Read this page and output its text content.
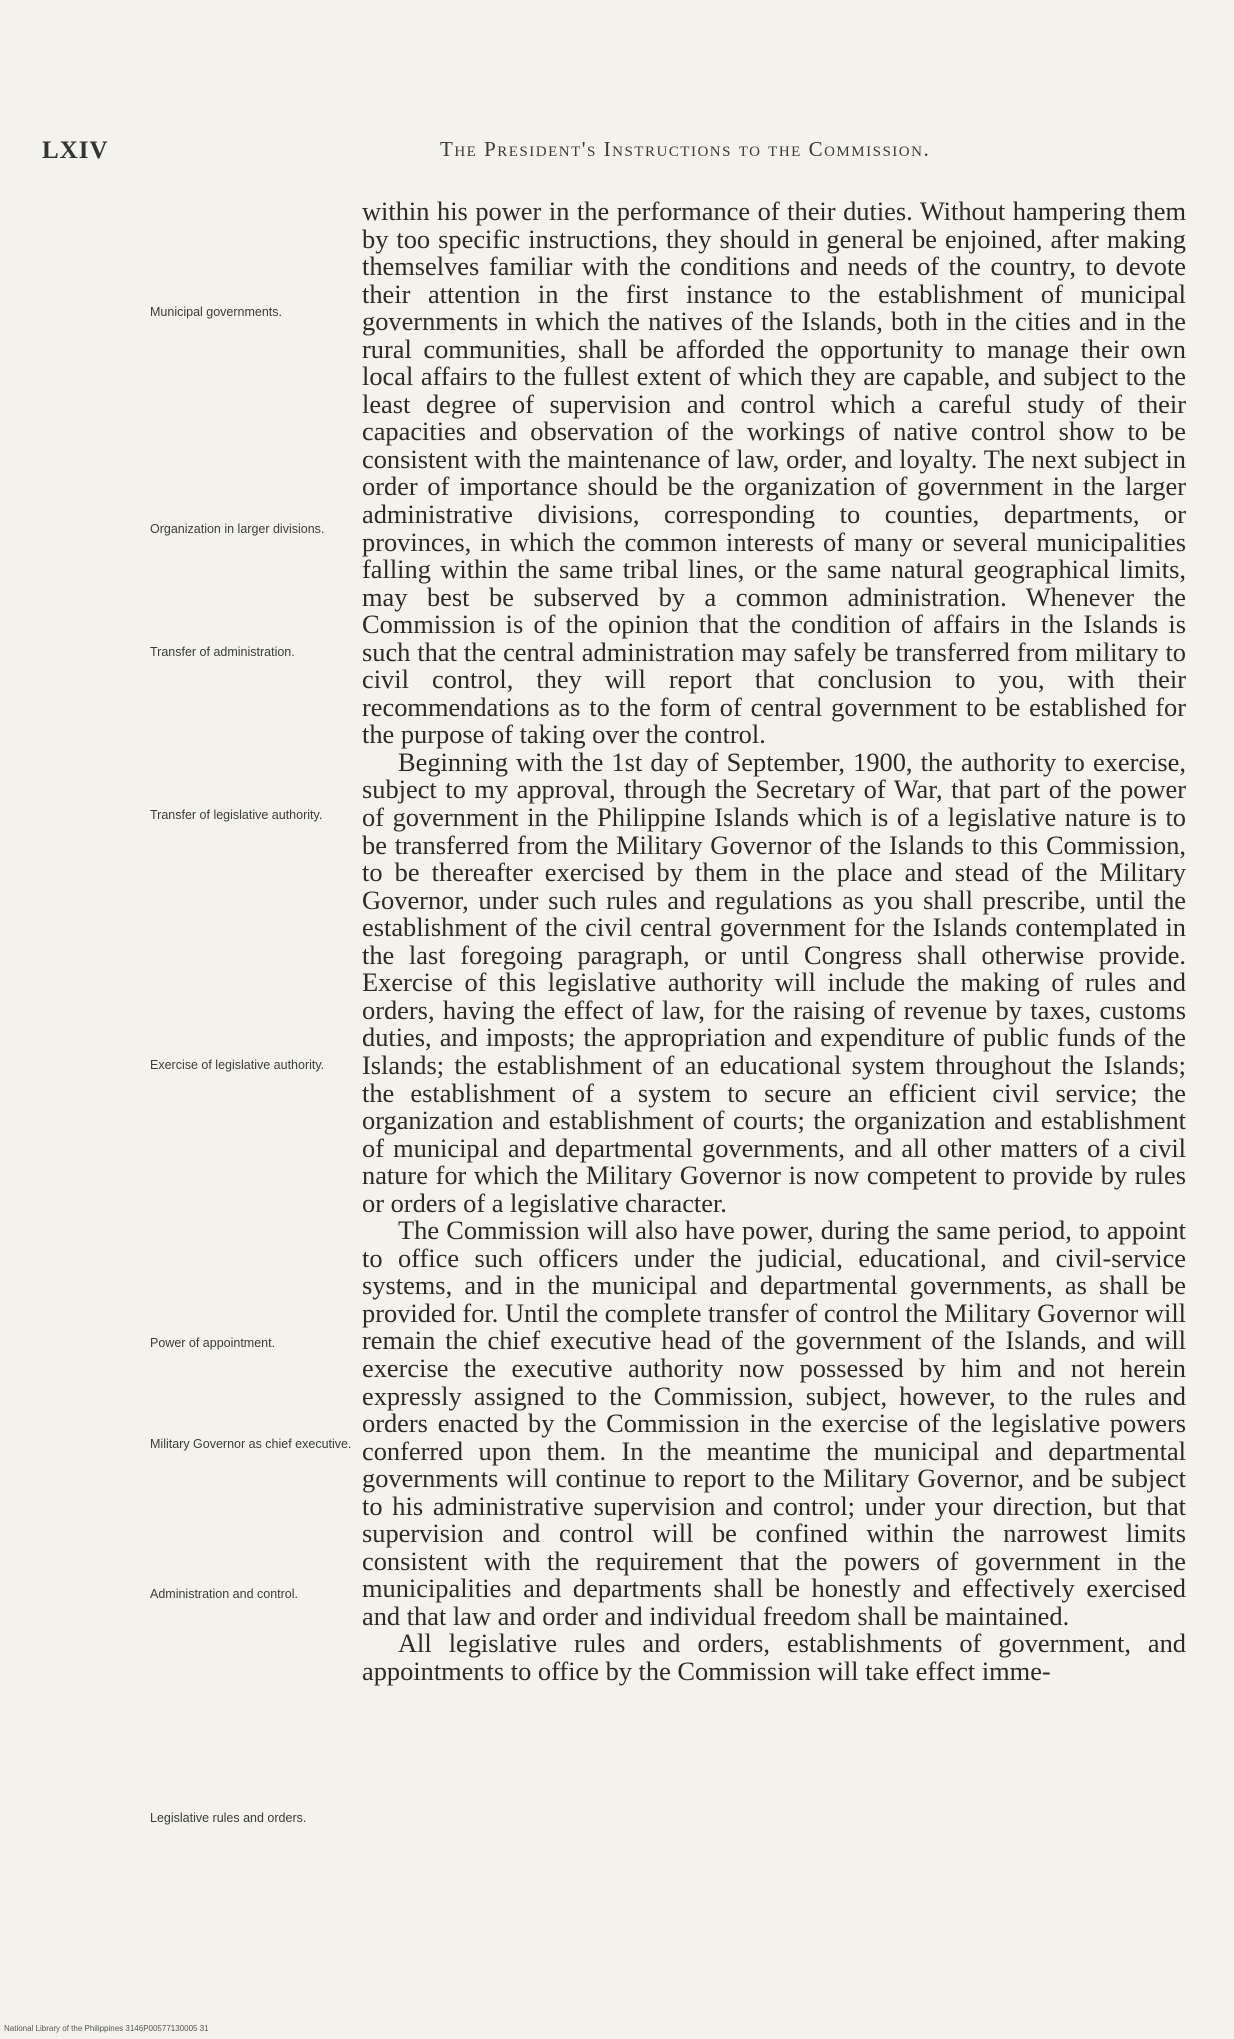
LXIV	The President's Instructions to the Commission.
Municipal governments.
Organization in larger divisions.
Transfer of administration.
Transfer of legislative authority.
Exercise of legislative authority.
Power of appointment.
Military Governor as chief executive.
Administration and control.
Legislative rules and orders.

within his power in the performance of their duties. Without hampering them by too specific instructions, they should in general be enjoined, after making themselves familiar with the conditions and needs of the country, to devote their attention in the first instance to the establishment of municipal governments in which the natives of the Islands, both in the cities and in the rural communities, shall be afforded the opportunity to manage their own local affairs to the fullest extent of which they are capable, and subject to the least degree of supervision and control which a careful study of their capacities and observation of the workings of native control show to be consistent with the maintenance of law, order, and loyalty. The next subject in order of importance should be the organization of government in the larger administrative divisions, corresponding to counties, departments, or provinces, in which the common interests of many or several municipalities falling within the same tribal lines, or the same natural geographical limits, may best be subserved by a common administration. Whenever the Commission is of the opinion that the condition of affairs in the Islands is such that the central administration may safely be transferred from military to civil control, they will report that conclusion to you, with their recommendations as to the form of central government to be established for the purpose of taking over the control.

Beginning with the 1st day of September, 1900, the authority to exercise, subject to my approval, through the Secretary of War, that part of the power of government in the Philippine Islands which is of a legislative nature is to be transferred from the Military Governor of the Islands to this Commission, to be thereafter exercised by them in the place and stead of the Military Governor, under such rules and regulations as you shall prescribe, until the establishment of the civil central government for the Islands contemplated in the last foregoing paragraph, or until Congress shall otherwise provide. Exercise of this legislative authority will include the making of rules and orders, having the effect of law, for the raising of revenue by taxes, customs duties, and imposts; the appropriation and expenditure of public funds of the Islands; the establishment of an educational system throughout the Islands; the establishment of a system to secure an efficient civil service; the organization and establishment of courts; the organization and establishment of municipal and departmental governments, and all other matters of a civil nature for which the Military Governor is now competent to provide by rules or orders of a legislative character.

The Commission will also have power, during the same period, to appoint to office such officers under the judicial, educational, and civil-service systems, and in the municipal and departmental governments, as shall be provided for. Until the complete transfer of control the Military Governor will remain the chief executive head of the government of the Islands, and will exercise the executive authority now possessed by him and not herein expressly assigned to the Commission, subject, however, to the rules and orders enacted by the Commission in the exercise of the legislative powers conferred upon them. In the meantime the municipal and departmental governments will continue to report to the Military Governor, and be subject to his administrative supervision and control; under your direction, but that supervision and control will be confined within the narrowest limits consistent with the requirement that the powers of government in the municipalities and departments shall be honestly and effectively exercised and that law and order and individual freedom shall be maintained.

All legislative rules and orders, establishments of government, and appointments to office by the Commission will take effect imme-

National Library of the Philippines 3146P00577130005 31
